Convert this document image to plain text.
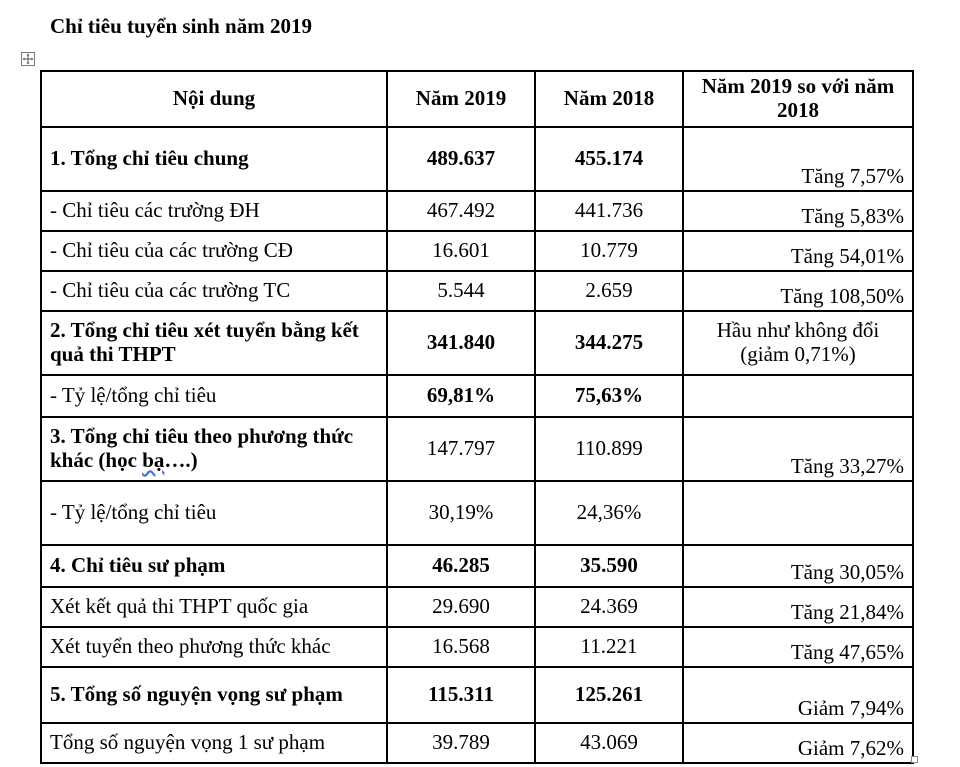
Chỉ tiêu tuyển sinh năm 2019
Nội dung	Năm 2019	Năm 2018	Năm 2019 so với năm 2018
1. Tổng chỉ tiêu chung	489.637	455.174	Tăng 7,57%
- Chỉ tiêu các trường ĐH	467.492	441.736	Tăng 5,83%
- Chỉ tiêu của các trường CĐ	16.601	10.779	Tăng 54,01%
- Chỉ tiêu của các trường TC	5.544	2.659	Tăng 108,50%
2. Tổng chỉ tiêu xét tuyển bằng kết quả thi THPT	341.840	344.275	Hầu như không đổi (giảm 0,71%)
- Tỷ lệ/tổng chỉ tiêu	69,81%	75,63%	
3. Tổng chỉ tiêu theo phương thức khác (học bạ….)	147.797	110.899	Tăng 33,27%
- Tỷ lệ/tổng chỉ tiêu	30,19%	24,36%	
4. Chỉ tiêu sư phạm	46.285	35.590	Tăng 30,05%
Xét kết quả thi THPT quốc gia	29.690	24.369	Tăng 21,84%
Xét tuyển theo phương thức khác	16.568	11.221	Tăng 47,65%
5. Tổng số nguyện vọng sư phạm	115.311	125.261	Giảm 7,94%
Tổng số nguyện vọng 1 sư phạm	39.789	43.069	Giảm 7,62%
